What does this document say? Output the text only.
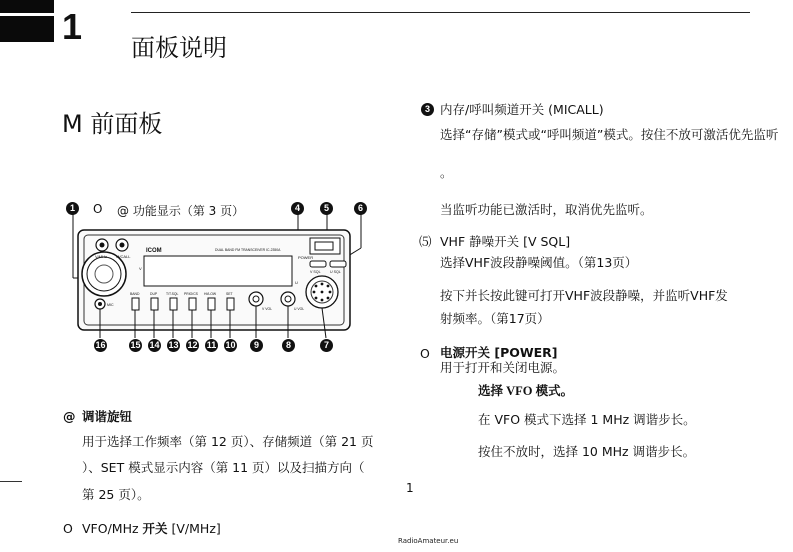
1
面板说明
M 前面板
1	O @ 功能显示（第 3 页）	4	5	6
V/MHz M/CALL
ICOM	DUAL BAND FM TRANSCEIVER IC-2350A
V
U
POWER
V SQL	U SQL
MIC
BAND	DUP	T/T.SQL PRIO/CS HI/LOW	SET
V VOL	U VOL
16	15 14 13 12 11 10	9	8	7
@ 调谐旋钮
用于选择工作频率（第 12 页）、存储频道（第 21 页
）、SET 模式显示内容（第 11 页）以及扫描方向（
第 25 页）。
O VFO/MHz 开关 [V/MHz]
3 内存/呼叫频道开关 (MICALL)
选择“存储”模式或“呼叫频道”模式。按住不放可激活优先监听
。
当监听功能已激活时，取消优先监听。
⑸ VHF 静噪开关 [V SQL]
选择VHF波段静噪阈值。（第13页）
按下并长按此键可打开VHF波段静噪，并监听VHF发
射频率。（第17页）
O 电源开关 [POWER]
用于打开和关闭电源。
选择 VFO 模式。
在 VFO 模式下选择 1 MHz 调谐步长。
按住不放时，选择 10 MHz 调谐步长。
1
RadioAmateur.eu
